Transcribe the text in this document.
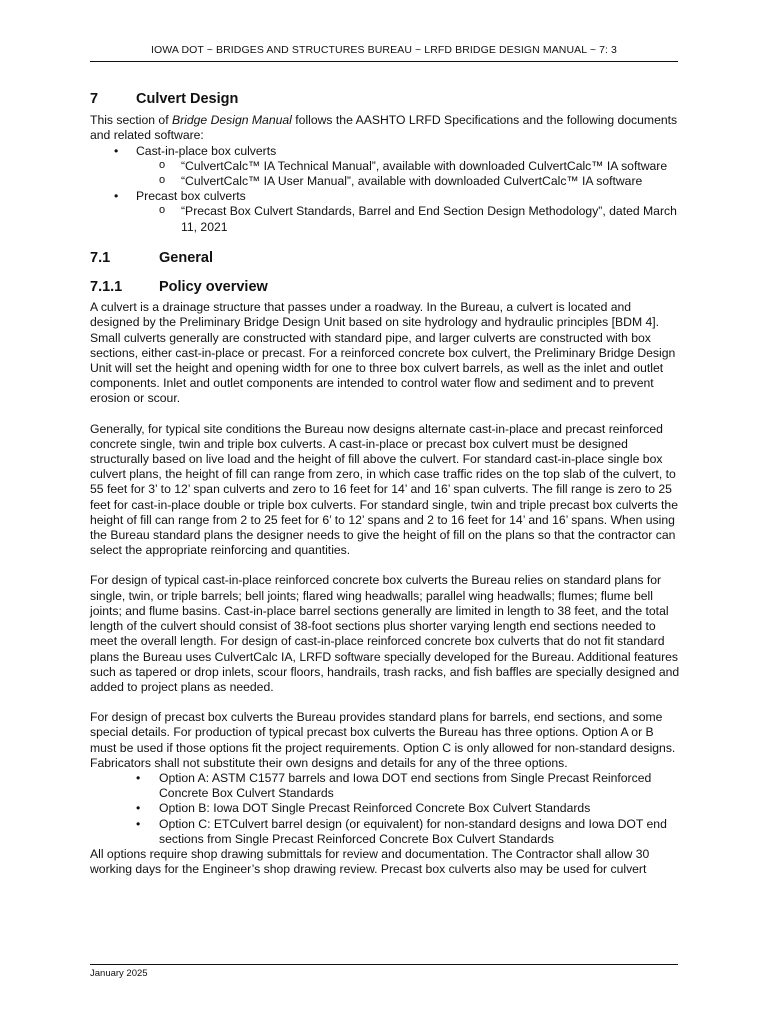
IOWA DOT ~ BRIDGES AND STRUCTURES BUREAU ~ LRFD BRIDGE DESIGN MANUAL ~ 7: 3
7	Culvert Design

This section of Bridge Design Manual follows the AASHTO LRFD Specifications and the following documents and related software:

• Cast-in-place box culverts
o “CulvertCalc™ IA Technical Manual”, available with downloaded CulvertCalc™ IA software
o “CulvertCalc™ IA User Manual”, available with downloaded CulvertCalc™ IA software
• Precast box culverts
o “Precast Box Culvert Standards, Barrel and End Section Design Methodology”, dated March 11, 2021
7.1	General
7.1.1	Policy overview

A culvert is a drainage structure that passes under a roadway. In the Bureau, a culvert is located and designed by the Preliminary Bridge Design Unit based on site hydrology and hydraulic principles [BDM 4]. Small culverts generally are constructed with standard pipe, and larger culverts are constructed with box sections, either cast-in-place or precast. For a reinforced concrete box culvert, the Preliminary Bridge Design Unit will set the height and opening width for one to three box culvert barrels, as well as the inlet and outlet components. Inlet and outlet components are intended to control water flow and sediment and to prevent erosion or scour.

Generally, for typical site conditions the Bureau now designs alternate cast-in-place and precast reinforced concrete single, twin and triple box culverts. A cast-in-place or precast box culvert must be designed structurally based on live load and the height of fill above the culvert. For standard cast-in-place single box culvert plans, the height of fill can range from zero, in which case traffic rides on the top slab of the culvert, to 55 feet for 3’ to 12’ span culverts and zero to 16 feet for 14’ and 16’ span culverts. The fill range is zero to 25 feet for cast-in-place double or triple box culverts. For standard single, twin and triple precast box culverts the height of fill can range from 2 to 25 feet for 6’ to 12’ spans and 2 to 16 feet for 14’ and 16’ spans. When using the Bureau standard plans the designer needs to give the height of fill on the plans so that the contractor can select the appropriate reinforcing and quantities.

For design of typical cast-in-place reinforced concrete box culverts the Bureau relies on standard plans for single, twin, or triple barrels; bell joints; flared wing headwalls; parallel wing headwalls; flumes; flume bell joints; and flume basins. Cast-in-place barrel sections generally are limited in length to 38 feet, and the total length of the culvert should consist of 38-foot sections plus shorter varying length end sections needed to meet the overall length. For design of cast-in-place reinforced concrete box culverts that do not fit standard plans the Bureau uses CulvertCalc IA, LRFD software specially developed for the Bureau. Additional features such as tapered or drop inlets, scour floors, handrails, trash racks, and fish baffles are specially designed and added to project plans as needed.

For design of precast box culverts the Bureau provides standard plans for barrels, end sections, and some special details. For production of typical precast box culverts the Bureau has three options. Option A or B must be used if those options fit the project requirements. Option C is only allowed for non-standard designs. Fabricators shall not substitute their own designs and details for any of the three options.

• Option A: ASTM C1577 barrels and Iowa DOT end sections from Single Precast Reinforced Concrete Box Culvert Standards
• Option B: Iowa DOT Single Precast Reinforced Concrete Box Culvert Standards
• Option C: ETCulvert barrel design (or equivalent) for non-standard designs and Iowa DOT end sections from Single Precast Reinforced Concrete Box Culvert Standards

All options require shop drawing submittals for review and documentation. The Contractor shall allow 30 working days for the Engineer’s shop drawing review. Precast box culverts also may be used for culvert

January 2025
